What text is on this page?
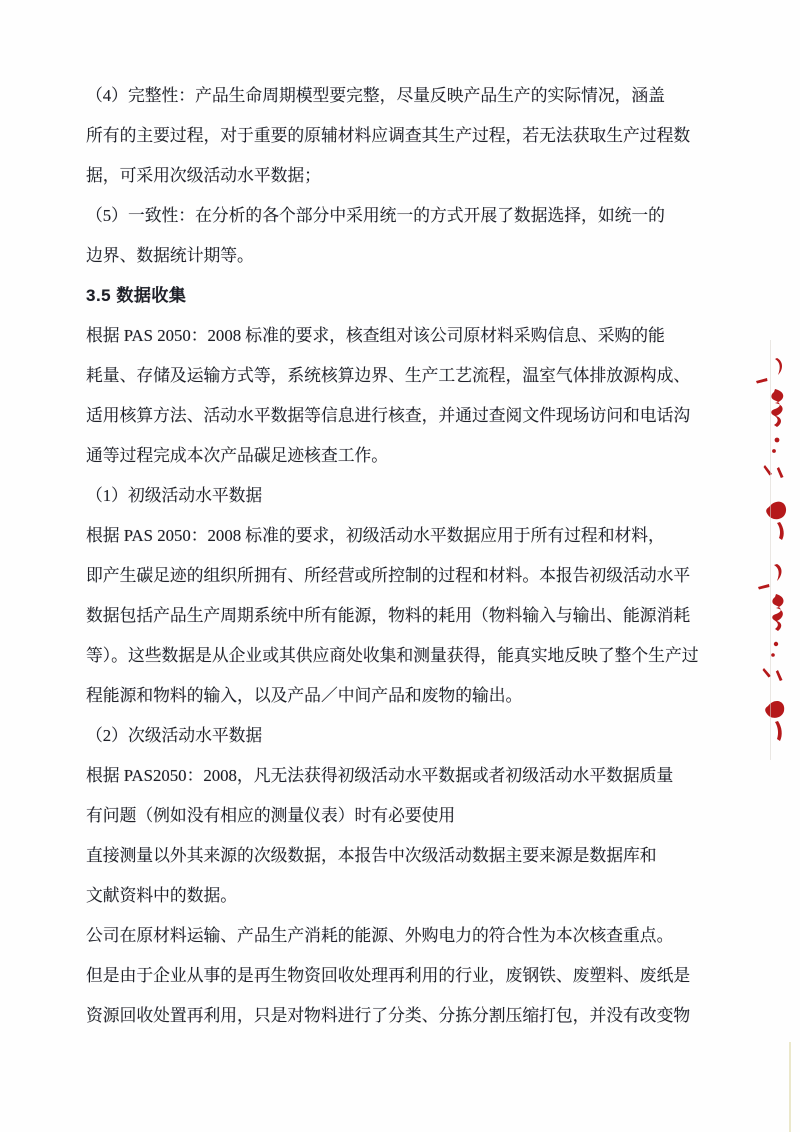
（4）完整性：产品生命周期模型要完整，尽量反映产品生产的实际情况，涵盖 所有的主要过程，对于重要的原辅材料应调查其生产过程，若无法获取生产过程数 据，可采用次级活动水平数据；

（5）一致性：在分析的各个部分中采用统一的方式开展了数据选择，如统一的 边界、数据统计期等。

3.5 数据收集

根据 PAS 2050：2008 标准的要求，核查组对该公司原材料采购信息、采购的能 耗量、存储及运输方式等，系统核算边界、生产工艺流程，温室气体排放源构成、 适用核算方法、活动水平数据等信息进行核查，并通过查阅文件现场访问和电话沟 通等过程完成本次产品碳足迹核查工作。

（1）初级活动水平数据

根据 PAS 2050：2008 标准的要求，初级活动水平数据应用于所有过程和材料， 即产生碳足迹的组织所拥有、所经营或所控制的过程和材料。本报告初级活动水平 数据包括产品生产周期系统中所有能源，物料的耗用（物料输入与输出、能源消耗 等）。这些数据是从企业或其供应商处收集和测量获得，能真实地反映了整个生产过 程能源和物料的输入，以及产品／中间产品和废物的输出。

（2）次级活动水平数据

根据 PAS2050：2008，凡无法获得初级活动水平数据或者初级活动水平数据质量 有问题（例如没有相应的测量仪表）时有必要使用

直接测量以外其来源的次级数据，本报告中次级活动数据主要来源是数据库和 文献资料中的数据。

公司在原材料运输、产品生产消耗的能源、外购电力的符合性为本次核查重点。 但是由于企业从事的是再生物资回收处理再利用的行业，废钢铁、废塑料、废纸是 资源回收处置再利用，只是对物料进行了分类、分拣分割压缩打包，并没有改变物
